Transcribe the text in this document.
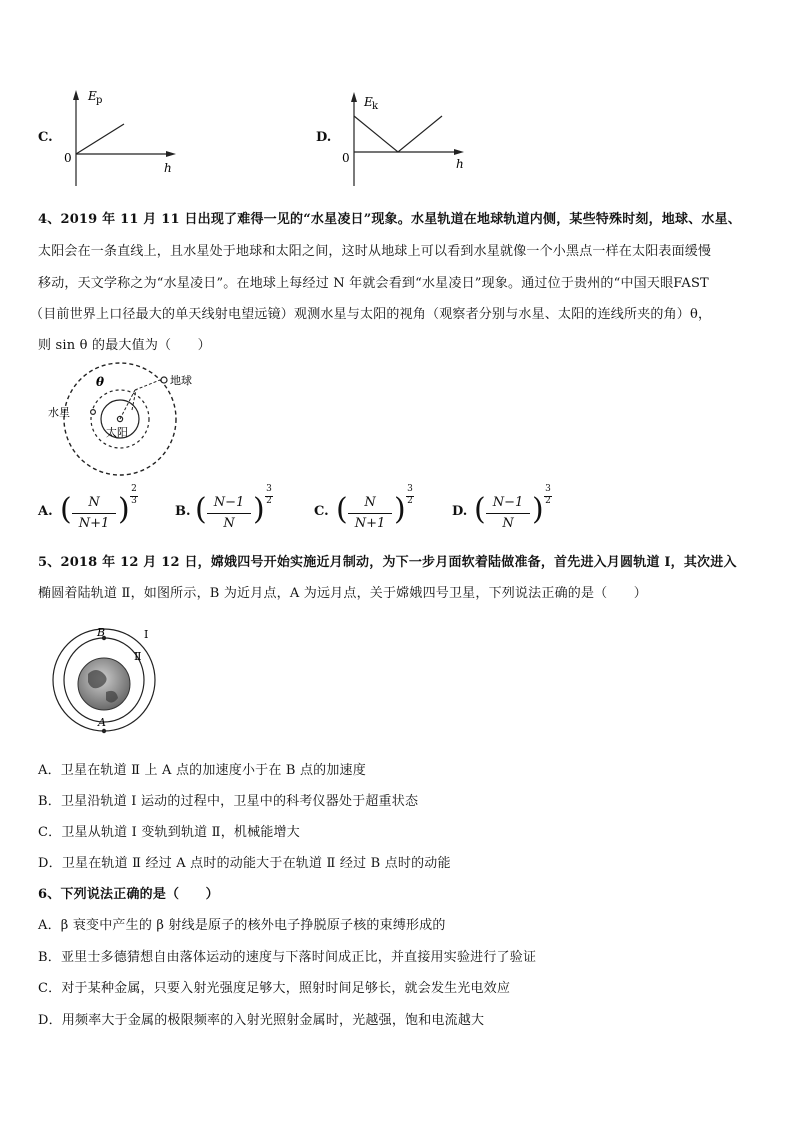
C.
E p
0
h
D.
E k
0	h
4、2019 年 11 月 11 日出现了难得一见的“水星凌日”现象。水星轨道在地球轨道内侧，某些特殊时刻，地球、水星、
太阳会在一条直线上，且水星处于地球和太阳之间，这时从地球上可以看到水星就像一个小黑点一样在太阳表面缓慢
移动，天文学称之为“水星凌日”。在地球上每经过 N 年就会看到“水星凌日”现象。通过位于贵州的“中国天眼FAST
（目前世界上口径最大的单天线射电望远镜）观测水星与太阳的视角（观察者分别与水星、太阳的连线所夹的角）θ，
则 sin θ 的最大值为（　　）
θ	地球
水星
太阳
A. (	N
N+1 )
2
3
B. ( N−1
N )
3
2
C. (	N
N+1 )
3
2
D. ( N−1
N )
3
2
5、2018 年 12 月 12 日，嫦娥四号开始实施近月制动，为下一步月面软着陆做准备，首先进入月圆轨道 Ⅰ，其次进入
椭圆着陆轨道 Ⅱ，如图所示，B 为近月点，A 为远月点，关于嫦娥四号卫星，下列说法正确的是（　　）
B
A
Ⅰ
Ⅱ
A．卫星在轨道 Ⅱ 上 A 点的加速度小于在 B 点的加速度
B．卫星沿轨道 Ⅰ 运动的过程中，卫星中的科考仪器处于超重状态
C．卫星从轨道 Ⅰ 变轨到轨道 Ⅱ，机械能增大
D．卫星在轨道 Ⅱ 经过 A 点时的动能大于在轨道 Ⅱ 经过 B 点时的动能
6、下列说法正确的是（　　）
A．β 衰变中产生的 β 射线是原子的核外电子挣脱原子核的束缚形成的
B．亚里士多德猜想自由落体运动的速度与下落时间成正比，并直接用实验进行了验证
C．对于某种金属，只要入射光强度足够大，照射时间足够长，就会发生光电效应
D．用频率大于金属的极限频率的入射光照射金属时，光越强，饱和电流越大
